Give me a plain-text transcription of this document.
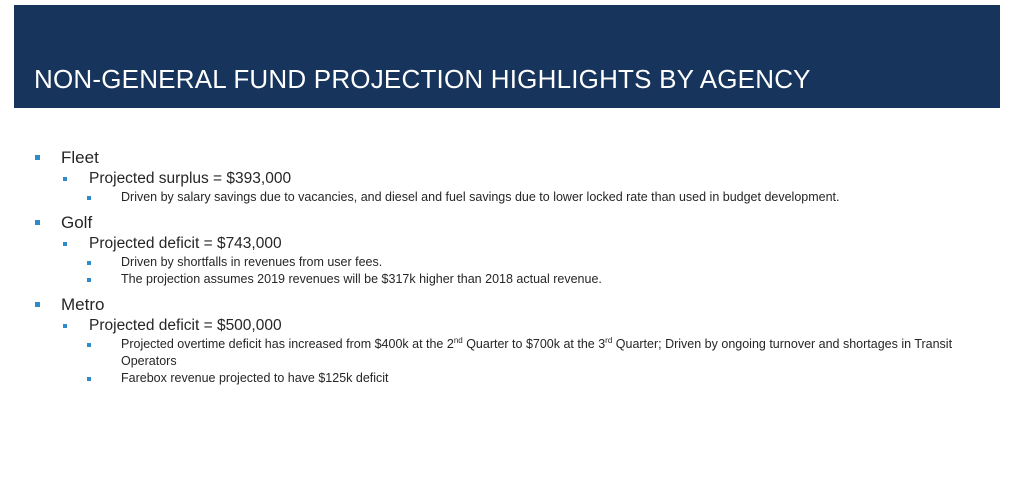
NON-GENERAL FUND PROJECTION HIGHLIGHTS BY AGENCY
Fleet
Projected surplus = $393,000
Driven by salary savings due to vacancies, and diesel and fuel savings due to lower locked rate than used in budget development.
Golf
Projected deficit = $743,000
Driven by shortfalls in revenues from user fees.
The projection assumes 2019 revenues will be $317k higher than 2018 actual revenue.
Metro
Projected deficit = $500,000
Projected overtime deficit has increased from $400k at the 2nd Quarter to $700k at the 3rd Quarter; Driven by ongoing turnover and shortages in Transit Operators
Farebox revenue projected to have $125k deficit
